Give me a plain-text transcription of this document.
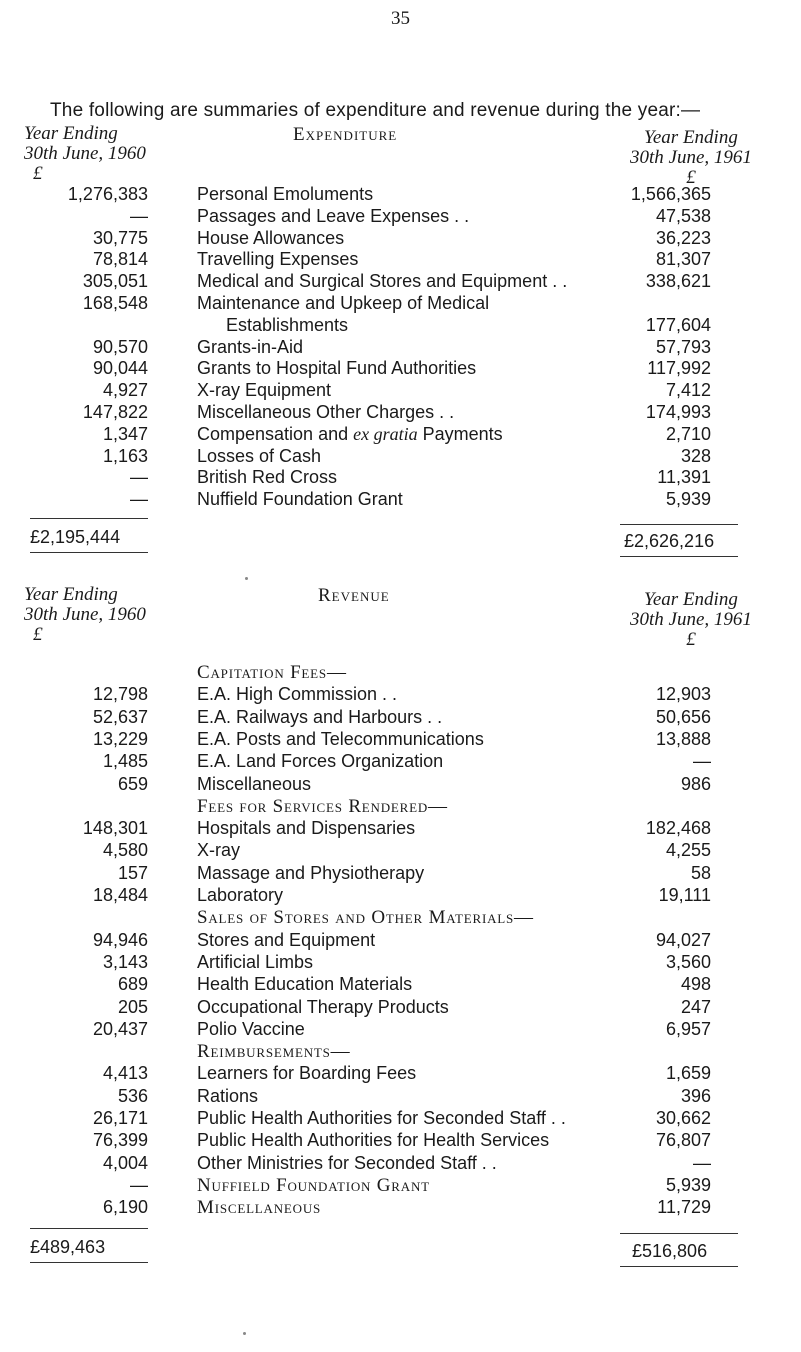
35
The following are summaries of expenditure and revenue during the year:—
Year Ending
30th June, 1960
£
Expenditure	Year Ending
30th June, 1961
£
1,276,383	Personal Emoluments	1,566,365
—	Passages and Leave Expenses . .	47,538
30,775	House Allowances	36,223
78,814	Travelling Expenses	81,307
305,051	Medical and Surgical Stores and Equipment . .	338,621
168,548	Maintenance and Upkeep of Medical
Establishments	177,604
90,570	Grants-in-Aid	57,793
90,044	Grants to Hospital Fund Authorities	117,992
4,927	X-ray Equipment	7,412
147,822	Miscellaneous Other Charges . .	174,993
1,347	Compensation and ex gratia Payments	2,710
1,163	Losses of Cash	328
—	British Red Cross	11,391
—	Nuffield Foundation Grant	5,939
£2,195,444	£2,626,216
Year Ending
30th June, 1960
£
Revenue	Year Ending
30th June, 1961
£
Capitation Fees—
12,798	E.A. High Commission . .	12,903
52,637	E.A. Railways and Harbours . .	50,656
13,229	E.A. Posts and Telecommunications	13,888
1,485	E.A. Land Forces Organization	—
659	Miscellaneous	986
Fees for Services Rendered—
148,301	Hospitals and Dispensaries	182,468
4,580	X-ray	4,255
157	Massage and Physiotherapy	58
18,484	Laboratory	19,111
Sales of Stores and Other Materials—
94,946	Stores and Equipment	94,027
3,143	Artificial Limbs	3,560
689	Health Education Materials	498
205	Occupational Therapy Products	247
20,437	Polio Vaccine	6,957
Reimbursements—
4,413	Learners for Boarding Fees	1,659
536	Rations	396
26,171	Public Health Authorities for Seconded Staff . .	30,662
76,399	Public Health Authorities for Health Services	76,807
4,004	Other Ministries for Seconded Staff . .	—
—	Nuffield Foundation Grant	5,939
6,190	Miscellaneous	11,729
£489,463	£516,806
